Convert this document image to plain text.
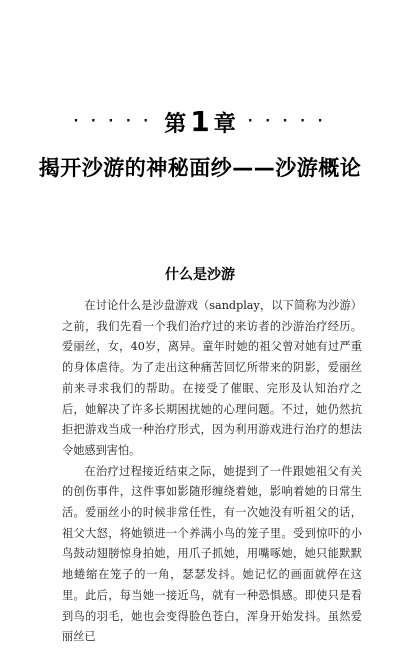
· · · · · 第 1 章 · · · · ·
揭开沙游的神秘面纱——沙游概论
什么是沙游

在讨论什么是沙盘游戏（sandplay，以下简称为沙游）之前，我们先看一个我们治疗过的来访者的沙游治疗经历。爱丽丝，女，40岁，离异。童年时她的祖父曾对她有过严重的身体虐待。为了走出这种痛苦回忆所带来的阴影，爱丽丝前来寻求我们的帮助。在接受了催眠、完形及认知治疗之后，她解决了许多长期困扰她的心理问题。不过，她仍然抗拒把游戏当成一种治疗形式，因为利用游戏进行治疗的想法令她感到害怕。

在治疗过程接近结束之际，她提到了一件跟她祖父有关的创伤事件，这件事如影随形缠绕着她，影响着她的日常生活。爱丽丝小的时候非常任性，有一次她没有听祖父的话，祖父大怒，将她锁进一个养满小鸟的笼子里。受到惊吓的小鸟鼓动翅膀惊身拍她，用爪子抓她，用嘴啄她，她只能默默地蜷缩在笼子的一角，瑟瑟发抖。她记忆的画面就停在这里。此后，每当她一接近鸟，就有一种恐惧感。即使只是看到鸟的羽毛，她也会变得脸色苍白，浑身开始发抖。虽然爱丽丝已
